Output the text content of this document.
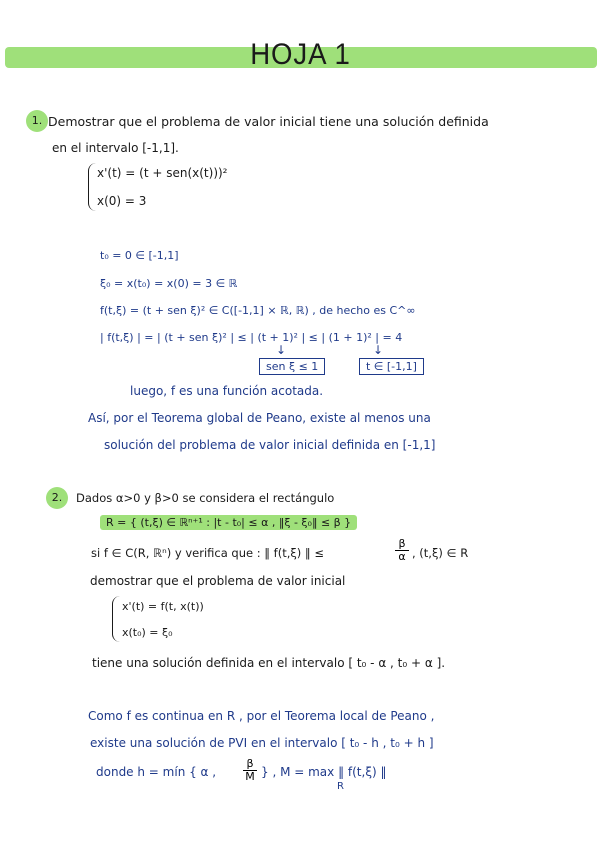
HOJA 1
1. Demostrar que el problema de valor inicial tiene una solución definida
en el intervalo [-1,1].
x'(t) = (t + sen(x(t)))²
x(0) = 3
t₀ = 0 ∈ [-1,1]
ξ₀ = x(t₀) = x(0) = 3 ∈ ℝ
f(t,ξ) = (t + sen ξ)² ∈ C([-1,1] × ℝ, ℝ) , de hecho es C^∞
| f(t,ξ) | = | (t + sen ξ)² | ≤ | (t + 1)² | ≤ | (1 + 1)² | = 4
↓	↓
sen ξ ≤ 1	t ∈ [-1,1]
luego, f es una función acotada.
Así, por el Teorema global de Peano, existe al menos una
solución del problema de valor inicial definida en [-1,1]
2.	Dados α>0 y β>0 se considera el rectángulo
R = { (t,ξ) ∈ ℝⁿ⁺¹ : |t - t₀| ≤ α , ‖ξ - ξ₀‖ ≤ β }
si f ∈ C(R, ℝⁿ) y verifica que : ‖ f(t,ξ) ‖ ≤	$\frac{\beta}{\alpha}$ , (t,ξ) ∈ R
demostrar que el problema de valor inicial
x'(t) = f(t, x(t))
x(t₀) = ξ₀
tiene una solución definida en el intervalo [ t₀ - α , t₀ + α ].
Como f es continua en R , por el Teorema local de Peano ,
existe una solución de PVI en el intervalo [ t₀ - h , t₀ + h ]
donde h = mín { α , $\frac{\beta}{M}$ } , M = max ‖ f(t,ξ) ‖
R
